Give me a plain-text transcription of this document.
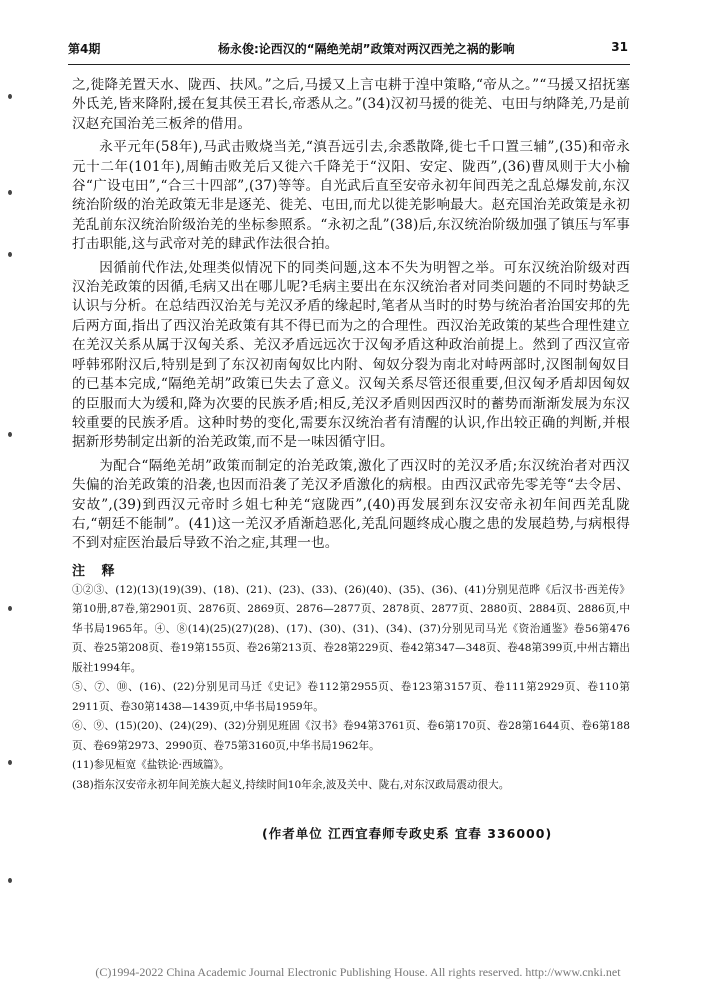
第4期	杨永俊:论西汉的“隔绝羌胡”政策对两汉西羌之祸的影响	31

之,徙降羌置天水、陇西、扶风。”之后,马援又上言屯耕于湟中策略,“帝从之。”“马援又招抚塞外氐羌,皆来降附,援在复其侯王君长,帝悉从之。”(34)汉初马援的徙羌、屯田与纳降羌,乃是前汉赵充国治羌三板斧的借用。

永平元年(58年),马武击败烧当羌,“滇吾远引去,余悉散降,徙七千口置三辅”,(35)和帝永元十二年(101年),周鲔击败羌后又徙六千降羌于“汉阳、安定、陇西”,(36)曹凤则于大小榆谷“广设屯田”,“合三十四部”,(37)等等。自光武后直至安帝永初年间西羌之乱总爆发前,东汉统治阶级的治羌政策无非是逐羌、徙羌、屯田,而尤以徙羌影响最大。赵充国治羌政策是永初羌乱前东汉统治阶级治羌的坐标参照系。“永初之乱”(38)后,东汉统治阶级加强了镇压与军事打击职能,这与武帝对羌的肆武作法很合拍。

因循前代作法,处理类似情况下的同类问题,这本不失为明智之举。可东汉统治阶级对西汉治羌政策的因循,毛病又出在哪儿呢?毛病主要出在东汉统治者对同类问题的不同时势缺乏认识与分析。在总结西汉治羌与羌汉矛盾的缘起时,笔者从当时的时势与统治者治国安邦的先后两方面,指出了西汉治羌政策有其不得已而为之的合理性。西汉治羌政策的某些合理性建立在羌汉关系从属于汉匈关系、羌汉矛盾远远次于汉匈矛盾这种政治前提上。然到了西汉宣帝呼韩邪附汉后,特别是到了东汉初南匈奴比内附、匈奴分裂为南北对峙两部时,汉图制匈奴目的已基本完成,“隔绝羌胡”政策已失去了意义。汉匈关系尽管还很重要,但汉匈矛盾却因匈奴的臣服而大为缓和,降为次要的民族矛盾;相反,羌汉矛盾则因西汉时的蓄势而渐渐发展为东汉较重要的民族矛盾。这种时势的变化,需要东汉统治者有清醒的认识,作出较正确的判断,并根据新形势制定出新的治羌政策,而不是一味因循守旧。

为配合“隔绝羌胡”政策而制定的治羌政策,激化了西汉时的羌汉矛盾;东汉统治者对西汉失偏的治羌政策的沿袭,也因而沿袭了羌汉矛盾激化的病根。由西汉武帝先零羌等“去令居、安故”,(39)到西汉元帝时彡姐七种羌“寇陇西”,(40)再发展到东汉安帝永初年间西羌乱陇右,“朝廷不能制”。(41)这一羌汉矛盾渐趋恶化,羌乱问题终成心腹之患的发展趋势,与病根得不到对症医治最后导致不治之症,其理一也。

注 释

①②③、(12)(13)(19)(39)、(18)、(21)、(23)、(33)、(26)(40)、(35)、(36)、(41)分别见范晔《后汉书·西羌传》第10册,87卷,第2901页、2876页、2869页、2876—2877页、2878页、2877页、2880页、2884页、2886页,中华书局1965年。④、⑧(14)(25)(27)(28)、(17)、(30)、(31)、(34)、(37)分别见司马光《资治通鉴》卷56第476页、卷25第208页、卷19第155页、卷26第213页、卷28第229页、卷42第347—348页、卷48第399页,中州古籍出版社1994年。

⑤、⑦、⑩、(16)、(22)分别见司马迁《史记》卷112第2955页、卷123第3157页、卷111第2929页、卷110第2911页、卷30第1438—1439页,中华书局1959年。

⑥、⑨、(15)(20)、(24)(29)、(32)分别见班固《汉书》卷94第3761页、卷6第170页、卷28第1644页、卷6第188页、卷69第2973、2990页、卷75第3160页,中华书局1962年。

(11)参见桓宽《盐铁论·西域篇》。

(38)指东汉安帝永初年间羌族大起义,持续时间10年余,波及关中、陇右,对东汉政局震动很大。

(作者单位 江西宜春师专政史系 宜春 336000)
(C)1994-2022 China Academic Journal Electronic Publishing House. All rights reserved. http://www.cnki.net
